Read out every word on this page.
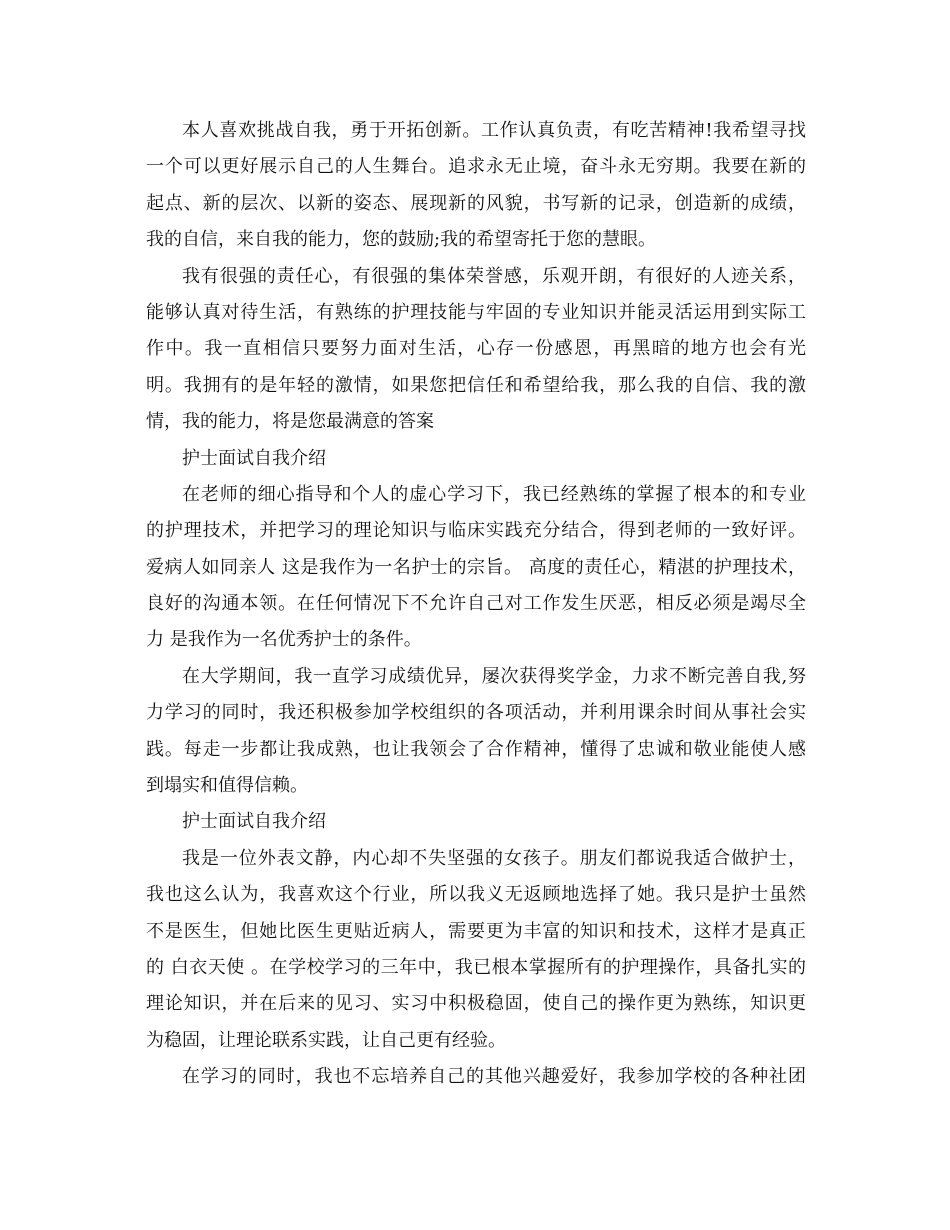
本人喜欢挑战自我，勇于开拓创新。工作认真负责，有吃苦精神!我希望寻找
一个可以更好展示自己的人生舞台。追求永无止境，奋斗永无穷期。我要在新的
起点、新的层次、以新的姿态、展现新的风貌，书写新的记录，创造新的成绩，
我的自信，来自我的能力，您的鼓励;我的希望寄托于您的慧眼。
我有很强的责任心，有很强的集体荣誉感，乐观开朗，有很好的人迹关系，
能够认真对待生活，有熟练的护理技能与牢固的专业知识并能灵活运用到实际工
作中。我一直相信只要努力面对生活，心存一份感恩，再黑暗的地方也会有光
明。我拥有的是年轻的激情，如果您把信任和希望给我，那么我的自信、我的激
情，我的能力，将是您最满意的答案
护士面试自我介绍
在老师的细心指导和个人的虚心学习下，我已经熟练的掌握了根本的和专业
的护理技术，并把学习的理论知识与临床实践充分结合，得到老师的一致好评。
爱病人如同亲人 这是我作为一名护士的宗旨。 高度的责任心，精湛的护理技术，
良好的沟通本领。在任何情况下不允许自己对工作发生厌恶，相反必须是竭尽全
力 是我作为一名优秀护士的条件。
在大学期间，我一直学习成绩优异，屡次获得奖学金，力求不断完善自我,努
力学习的同时，我还积极参加学校组织的各项活动，并利用课余时间从事社会实
践。每走一步都让我成熟，也让我领会了合作精神，懂得了忠诚和敬业能使人感
到塌实和值得信赖。
护士面试自我介绍
我是一位外表文静，内心却不失坚强的女孩子。朋友们都说我适合做护士，
我也这么认为，我喜欢这个行业，所以我义无返顾地选择了她。我只是护士虽然
不是医生，但她比医生更贴近病人，需要更为丰富的知识和技术，这样才是真正
的 白衣天使 。在学校学习的三年中，我已根本掌握所有的护理操作，具备扎实的
理论知识，并在后来的见习、实习中积极稳固，使自己的操作更为熟练，知识更
为稳固，让理论联系实践，让自己更有经验。
在学习的同时，我也不忘培养自己的其他兴趣爱好，我参加学校的各种社团
